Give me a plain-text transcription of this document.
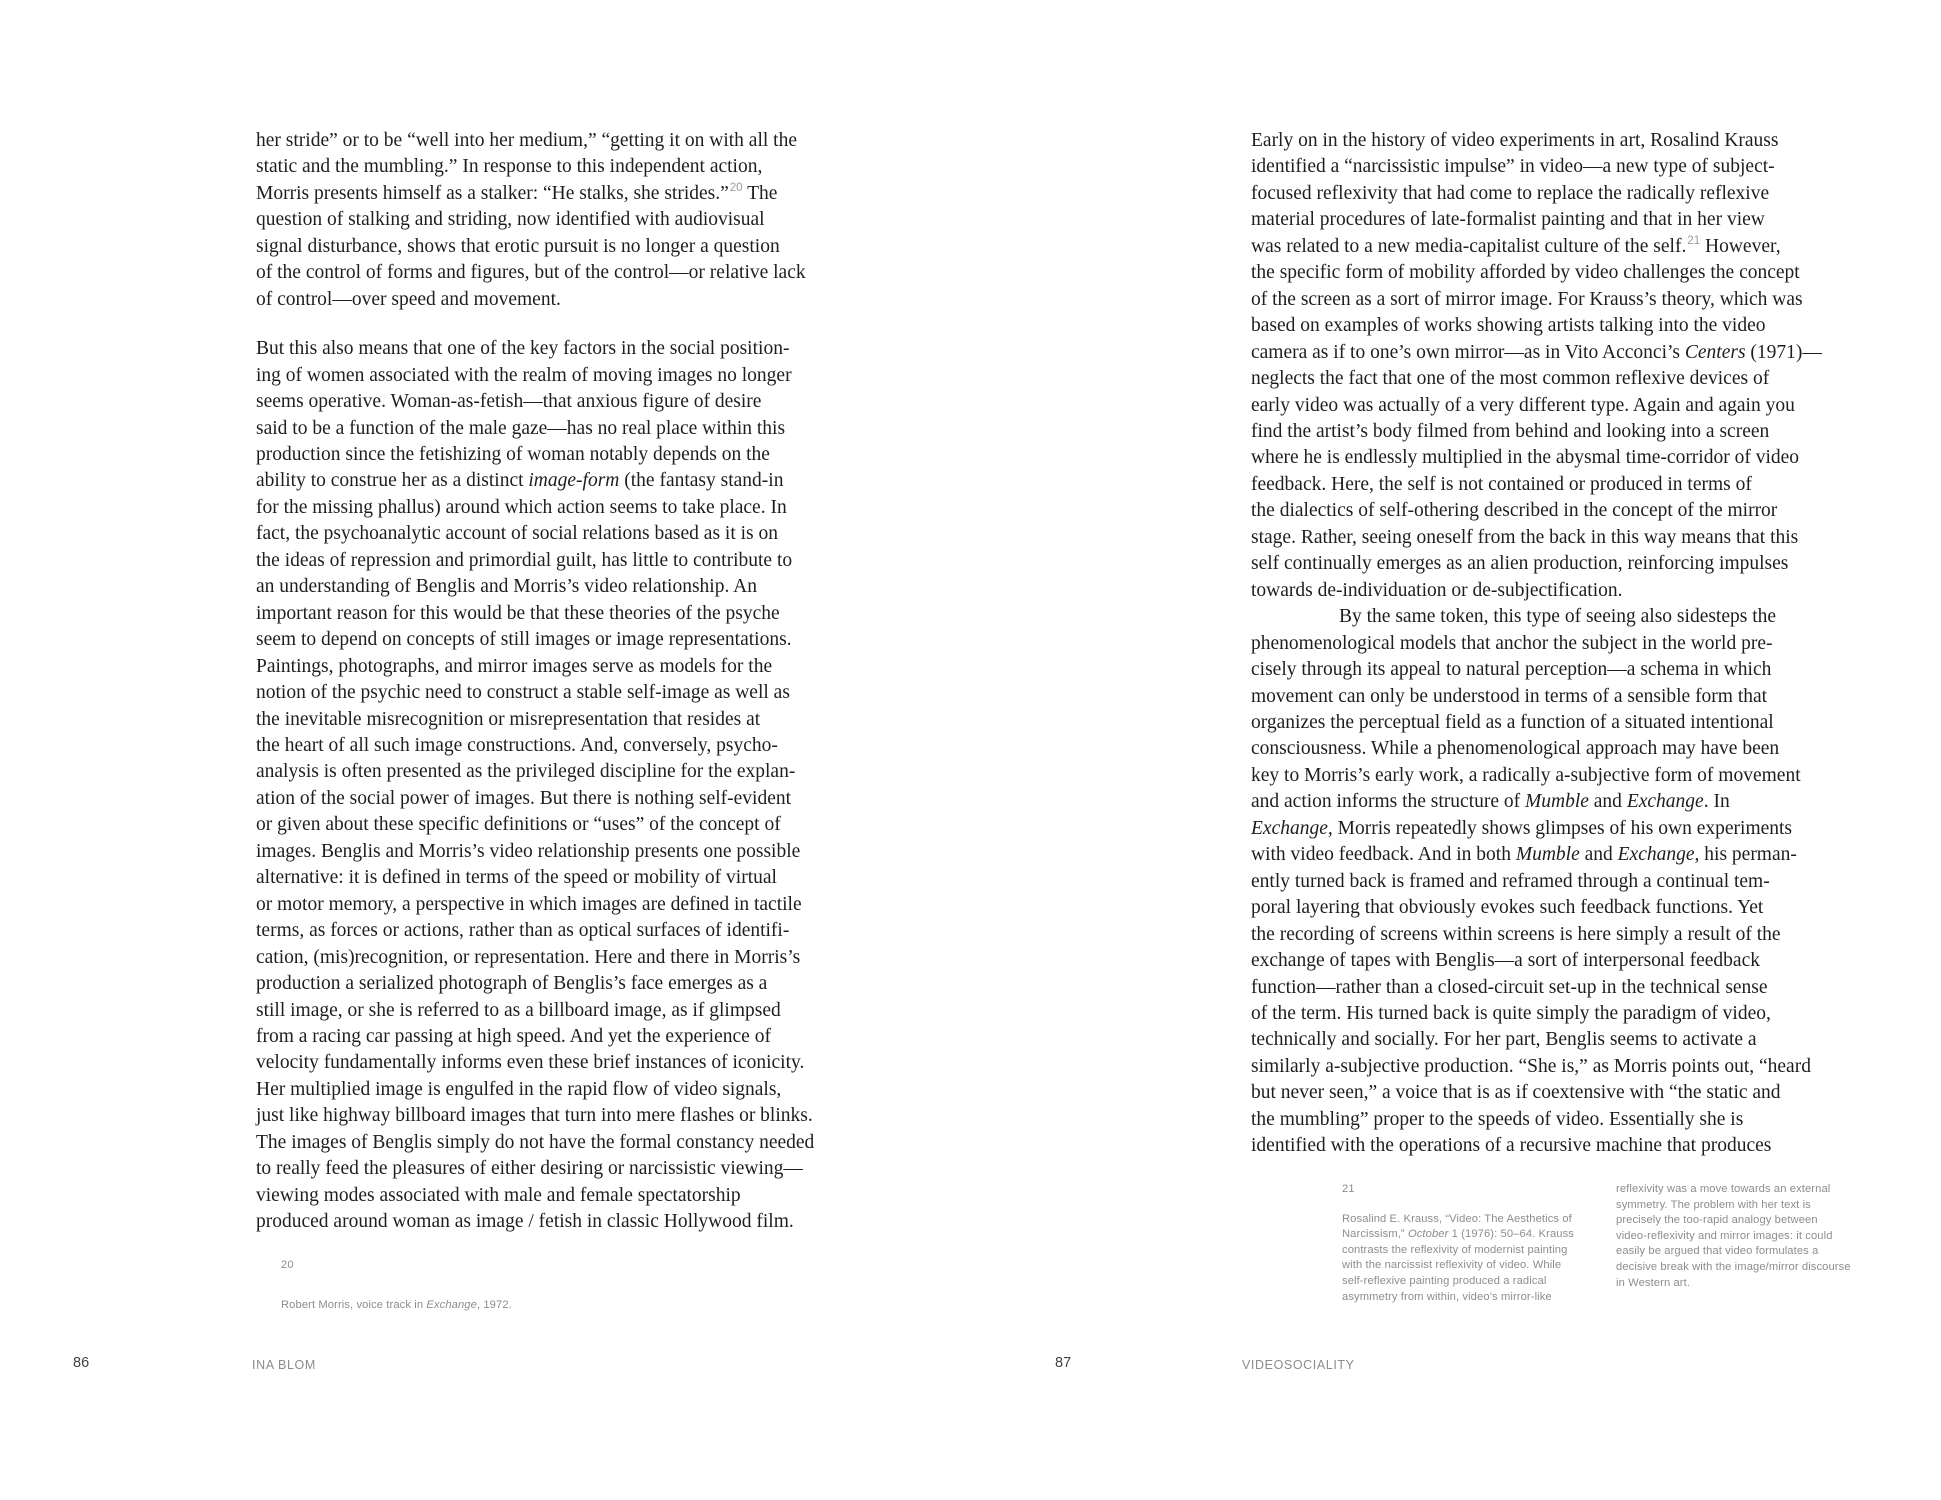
her stride” or to be “well into her medium,” “getting it on with all the
static and the mumbling.” In response to this independent action,
Morris presents himself as a stalker: “He stalks, she strides.”$^{20}$ The
question of stalking and striding, now identified with audiovisual
signal disturbance, shows that erotic pursuit is no longer a question
of the control of forms and figures, but of the control—or relative lack
of control—over speed and movement.
But this also means that one of the key factors in the social position-
ing of women associated with the realm of moving images no longer
seems operative. Woman-as-fetish—that anxious figure of desire
said to be a function of the male gaze—has no real place within this
production since the fetishizing of woman notably depends on the
ability to construe her as a distinct image-form (the fantasy stand-in
for the missing phallus) around which action seems to take place. In
fact, the psychoanalytic account of social relations based as it is on
the ideas of repression and primordial guilt, has little to contribute to
an understanding of Benglis and Morris’s video relationship. An
important reason for this would be that these theories of the psyche
seem to depend on concepts of still images or image representations.
Paintings, photographs, and mirror images serve as models for the
notion of the psychic need to construct a stable self-image as well as
the inevitable misrecognition or misrepresentation that resides at
the heart of all such image constructions. And, conversely, psycho-
analysis is often presented as the privileged discipline for the explan-
ation of the social power of images. But there is nothing self-evident
or given about these specific definitions or “uses” of the concept of
images. Benglis and Morris’s video relationship presents one possible
alternative: it is defined in terms of the speed or mobility of virtual
or motor memory, a perspective in which images are defined in tactile
terms, as forces or actions, rather than as optical surfaces of identifi-
cation, (mis)recognition, or representation. Here and there in Morris’s
production a serialized photograph of Benglis’s face emerges as a
still image, or she is referred to as a billboard image, as if glimpsed
from a racing car passing at high speed. And yet the experience of
velocity fundamentally informs even these brief instances of iconicity.
Her multiplied image is engulfed in the rapid flow of video signals,
just like highway billboard images that turn into mere flashes or blinks.
The images of Benglis simply do not have the formal constancy needed
to really feed the pleasures of either desiring or narcissistic viewing—
viewing modes associated with male and female spectatorship
produced around woman as image / fetish in classic Hollywood film.
Early on in the history of video experiments in art, Rosalind Krauss
identified a “narcissistic impulse” in video—a new type of subject-
focused reflexivity that had come to replace the radically reflexive
material procedures of late-formalist painting and that in her view
was related to a new media-capitalist culture of the self.$^{21}$ However,
the specific form of mobility afforded by video challenges the concept
of the screen as a sort of mirror image. For Krauss’s theory, which was
based on examples of works showing artists talking into the video
camera as if to one’s own mirror—as in Vito Acconci’s Centers (1971)—
neglects the fact that one of the most common reflexive devices of
early video was actually of a very different type. Again and again you
find the artist’s body filmed from behind and looking into a screen
where he is endlessly multiplied in the abysmal time-corridor of video
feedback. Here, the self is not contained or produced in terms of
the dialectics of self-othering described in the concept of the mirror
stage. Rather, seeing oneself from the back in this way means that this
self continually emerges as an alien production, reinforcing impulses
towards de-individuation or de-subjectification.
By the same token, this type of seeing also sidesteps the
phenomenological models that anchor the subject in the world pre-
cisely through its appeal to natural perception—a schema in which
movement can only be understood in terms of a sensible form that
organizes the perceptual field as a function of a situated intentional
consciousness. While a phenomenological approach may have been
key to Morris’s early work, a radically a-subjective form of movement
and action informs the structure of Mumble and Exchange. In
Exchange, Morris repeatedly shows glimpses of his own experiments
with video feedback. And in both Mumble and Exchange, his perman-
ently turned back is framed and reframed through a continual tem-
poral layering that obviously evokes such feedback functions. Yet
the recording of screens within screens is here simply a result of the
exchange of tapes with Benglis—a sort of interpersonal feedback
function—rather than a closed-circuit set-up in the technical sense
of the term. His turned back is quite simply the paradigm of video,
technically and socially. For her part, Benglis seems to activate a
similarly a-subjective production. “She is,” as Morris points out, “heard
but never seen,” a voice that is as if coextensive with “the static and
the mumbling” proper to the speeds of video. Essentially she is
identified with the operations of a recursive machine that produces
20
Robert Morris, voice track in Exchange, 1972.
21
Rosalind E. Krauss, “Video: The Aesthetics of
Narcissism,” October 1 (1976): 50–64. Krauss
contrasts the reflexivity of modernist painting
with the narcissist reflexivity of video. While
self-reflexive painting produced a radical
asymmetry from within, video’s mirror-like
reflexivity was a move towards an external
symmetry. The problem with her text is
precisely the too-rapid analogy between
video-reflexivity and mirror images: it could
easily be argued that video formulates a
decisive break with the image/mirror discourse
in Western art.
86	INA BLOM	87	VIDEOSOCIALITY
